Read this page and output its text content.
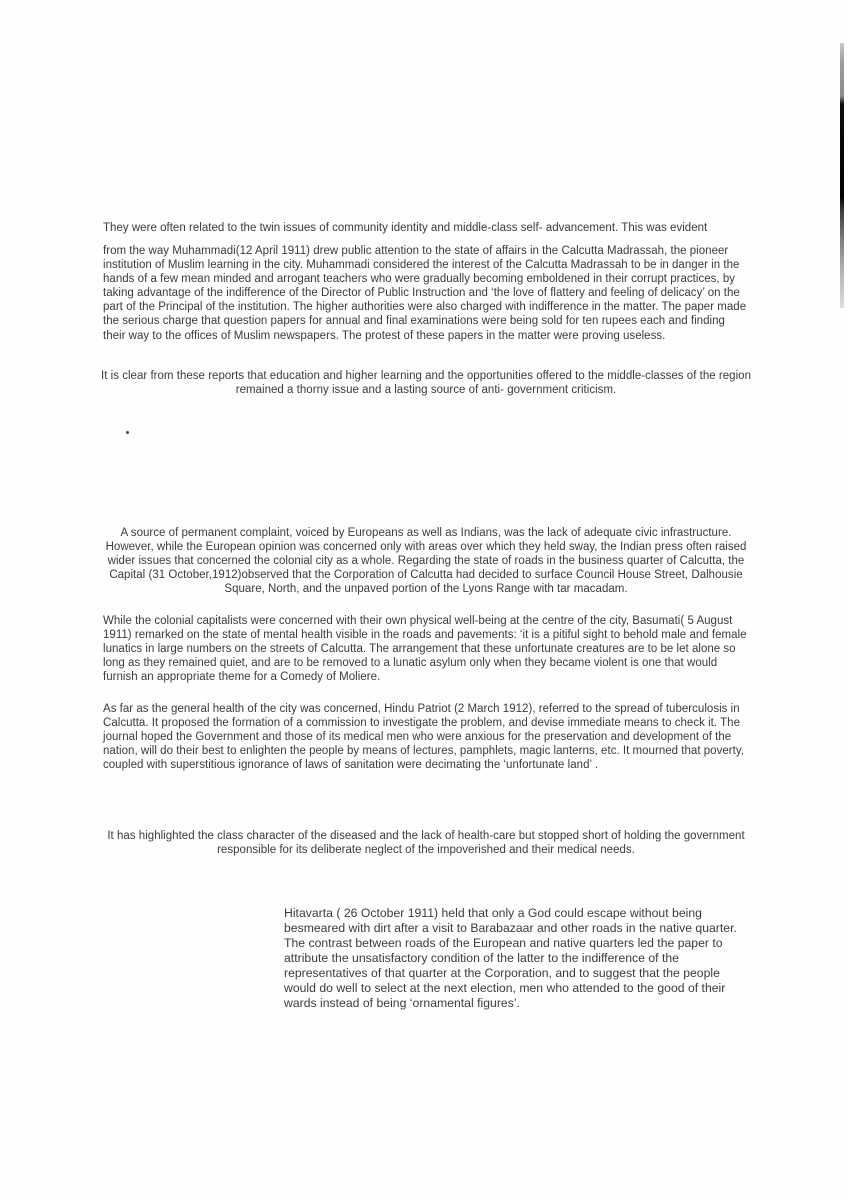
They were often related to the twin issues of community identity and middle-class self- advancement. This was evident

from the way Muhammadi(12 April 1911) drew public attention to the state of affairs in the Calcutta Madrassah, the pioneer institution of Muslim learning in the city. Muhammadi considered the interest of the Calcutta Madrassah to be in danger in the hands of a few mean minded and arrogant teachers who were gradually becoming emboldened in their corrupt practices, by taking advantage of the indifference of the Director of Public Instruction and ‘the love of flattery and feeling of delicacy’ on the part of the Principal of the institution. The higher authorities were also charged with indifference in the matter. The paper made the serious charge that question papers for annual and final examinations were being sold for ten rupees each and finding their way to the offices of Muslim newspapers. The protest of these papers in the matter were proving useless.

It is clear from these reports that education and higher learning and the opportunities offered to the middle-classes of the region remained a thorny issue and a lasting source of anti- government criticism.

A source of permanent complaint, voiced by Europeans as well as Indians, was the lack of adequate civic infrastructure. However, while the European opinion was concerned only with areas over which they held sway, the Indian press often raised wider issues that concerned the colonial city as a whole. Regarding the state of roads in the business quarter of Calcutta, the Capital (31 October,1912)observed that the Corporation of Calcutta had decided to surface Council House Street, Dalhousie Square, North, and the unpaved portion of the Lyons Range with tar macadam.

While the colonial capitalists were concerned with their own physical well-being at the centre of the city, Basumati( 5 August 1911) remarked on the state of mental health visible in the roads and pavements: ‘it is a pitiful sight to behold male and female lunatics in large numbers on the streets of Calcutta. The arrangement that these unfortunate creatures are to be let alone so long as they remained quiet, and are to be removed to a lunatic asylum only when they became violent is one that would furnish an appropriate theme for a Comedy of Moliere.

As far as the general health of the city was concerned, Hindu Patriot (2 March 1912), referred to the spread of tuberculosis in Calcutta. It proposed the formation of a commission to investigate the problem, and devise immediate means to check it. The journal hoped the Government and those of its medical men who were anxious for the preservation and development of the nation, will do their best to enlighten the people by means of lectures, pamphlets, magic lanterns, etc. It mourned that poverty, coupled with superstitious ignorance of laws of sanitation were decimating the ‘unfortunate land’ .

It has highlighted the class character of the diseased and the lack of health-care but stopped short of holding the government responsible for its deliberate neglect of the impoverished and their medical needs.

Hitavarta ( 26 October 1911) held that only a God could escape without being besmeared with dirt after a visit to Barabazaar and other roads in the native quarter. The contrast between roads of the European and native quarters led the paper to attribute the unsatisfactory condition of the latter to the indifference of the representatives of that quarter at the Corporation, and to suggest that the people would do well to select at the next election, men who attended to the good of their wards instead of being ‘ornamental figures’.
